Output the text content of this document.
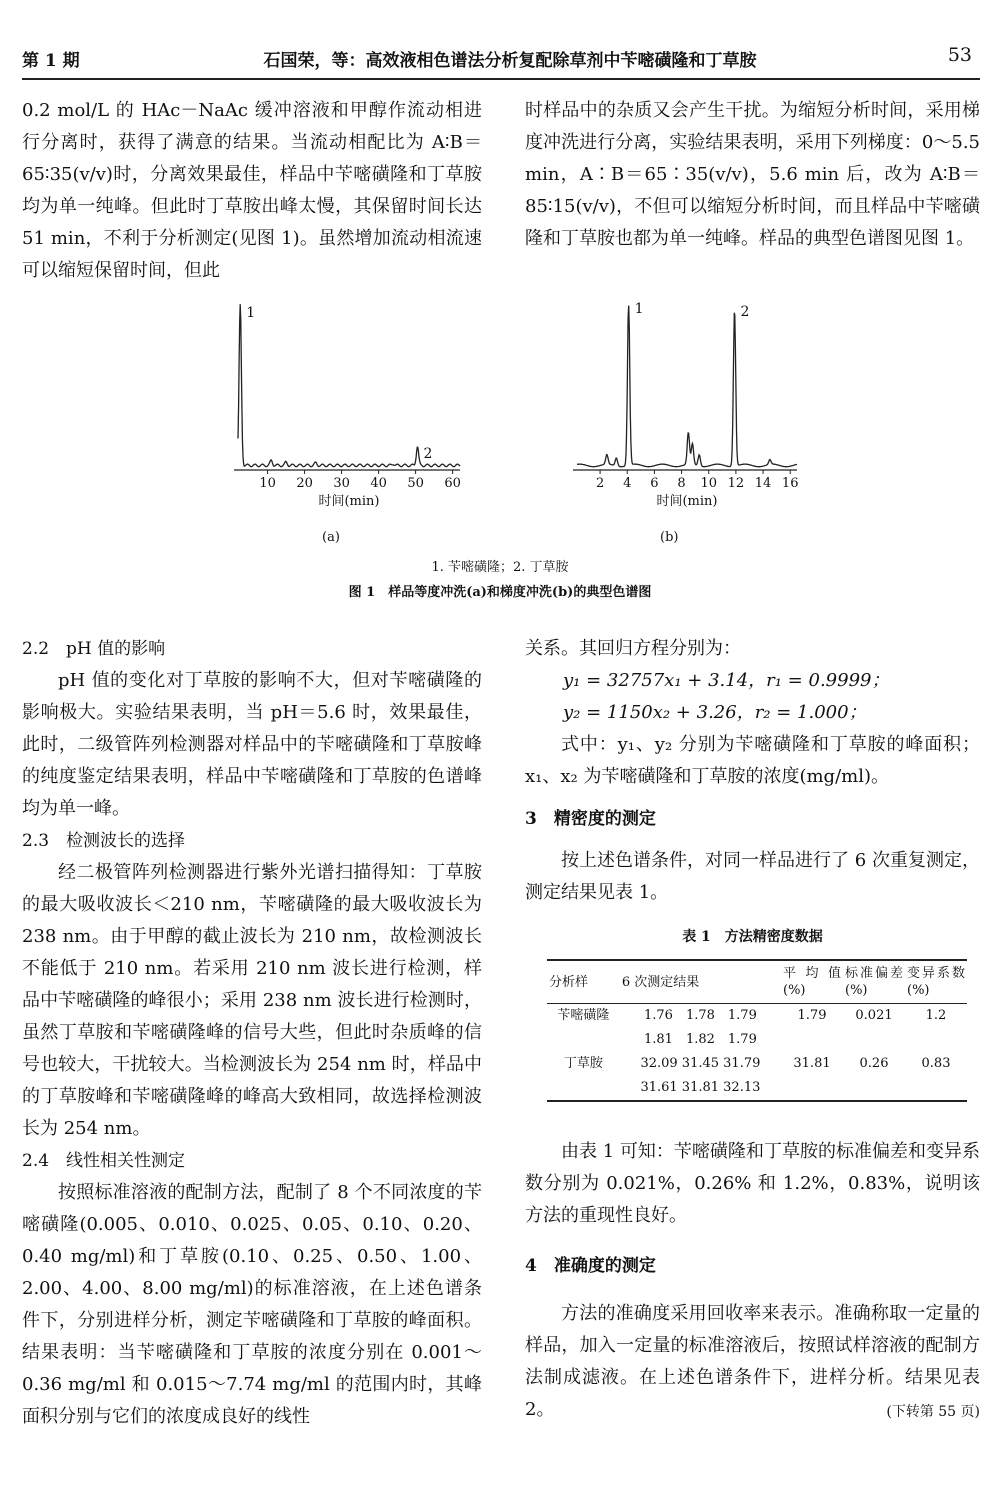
第 1 期	石国荣，等：高效液相色谱法分析复配除草剂中苄嘧磺隆和丁草胺	53

0.2 mol/L 的 HAc－NaAc 缓冲溶液和甲醇作流动相进行分离时，获得了满意的结果。当流动相配比为 A∶B＝65∶35(v/v)时，分离效果最佳，样品中苄嘧磺隆和丁草胺均为单一纯峰。但此时丁草胺出峰太慢，其保留时间长达 51 min，不利于分析测定(见图 1)。虽然增加流动相流速可以缩短保留时间，但此

时样品中的杂质又会产生干扰。为缩短分析时间，采用梯度冲洗进行分离，实验结果表明，采用下列梯度：0～5.5 min，A∶B＝65∶35(v/v)，5.6 min 后，改为 A∶B＝85∶15(v/v)，不但可以缩短分析时间，而且样品中苄嘧磺隆和丁草胺也都为单一纯峰。样品的典型色谱图见图 1。

10 20 30 40 50 60
时间(min)
1
2
(a)
2 4 6 8 10 12 14 16
时间(min)
1	2
(b)
1. 苄嘧磺隆；2. 丁草胺
图 1　样品等度冲洗(a)和梯度冲洗(b)的典型色谱图

2.2　pH 值的影响

pH 值的变化对丁草胺的影响不大，但对苄嘧磺隆的影响极大。实验结果表明，当 pH＝5.6 时，效果最佳，此时，二级管阵列检测器对样品中的苄嘧磺隆和丁草胺峰的纯度鉴定结果表明，样品中苄嘧磺隆和丁草胺的色谱峰均为单一峰。

2.3　检测波长的选择

经二极管阵列检测器进行紫外光谱扫描得知：丁草胺的最大吸收波长＜210 nm，苄嘧磺隆的最大吸收波长为 238 nm。由于甲醇的截止波长为 210 nm，故检测波长不能低于 210 nm。若采用 210 nm 波长进行检测，样品中苄嘧磺隆的峰很小；采用 238 nm 波长进行检测时，虽然丁草胺和苄嘧磺隆峰的信号大些，但此时杂质峰的信号也较大，干扰较大。当检测波长为 254 nm 时，样品中的丁草胺峰和苄嘧磺隆峰的峰高大致相同，故选择检测波长为 254 nm。

2.4　线性相关性测定

按照标准溶液的配制方法，配制了 8 个不同浓度的苄嘧磺隆(0.005、0.010、0.025、0.05、0.10、0.20、0.40 mg/ml)和丁草胺(0.10、0.25、0.50、1.00、2.00、4.00、8.00 mg/ml)的标准溶液，在上述色谱条件下，分别进样分析，测定苄嘧磺隆和丁草胺的峰面积。结果表明：当苄嘧磺隆和丁草胺的浓度分别在 0.001～0.36 mg/ml 和 0.015～7.74 mg/ml 的范围内时，其峰面积分别与它们的浓度成良好的线性

关系。其回归方程分别为：

y₁ = 32757x₁ + 3.14，r₁ = 0.9999；

y₂ = 1150x₂ + 3.26，r₂ = 1.000；

式中：y₁、y₂ 分别为苄嘧磺隆和丁草胺的峰面积；x₁、x₂ 为苄嘧磺隆和丁草胺的浓度(mg/ml)。

3　精密度的测定

按上述色谱条件，对同一样品进行了 6 次重复测定，测定结果见表 1。

表 1　方法精密度数据
分析样	6 次测定结果	平均值(%)	标准偏差(%)	变异系数(%)
苄嘧磺隆	1.76　1.78　1.79	1.79	0.021	1.2
	1.81　1.82　1.79			
丁草胺	32.09 31.45 31.79	31.81	0.26	0.83
	31.61 31.81 32.13			

由表 1 可知：苄嘧磺隆和丁草胺的标准偏差和变异系数分别为 0.021%，0.26% 和 1.2%，0.83%，说明该方法的重现性良好。

4　准确度的测定

方法的准确度采用回收率来表示。准确称取一定量的样品，加入一定量的标准溶液后，按照试样溶液的配制方法制成滤液。在上述色谱条件下，进样分析。结果见表 2。	(下转第 55 页)
